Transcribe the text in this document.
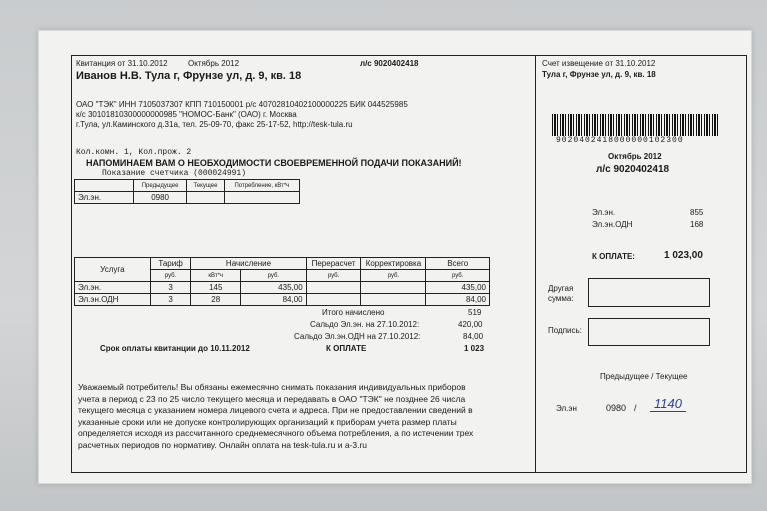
Квитанция от 31.10.2012	Октябрь 2012	л/с 9020402418
Иванов Н.В. Тула г, Фрунзе ул, д. 9, кв. 18
ОАО "ТЭК" ИНН 7105037307 КПП 710150001 р/с 40702810402100000225 БИК 044525985
к/с 30101810300000000985 "НОМОС-Банк" (ОАО) г. Москва
г.Тула, ул.Каминского д.31а, тел. 25-09-70, факс 25-17-52, http://tesk-tula.ru
Кол.комн. 1, Кол.прож. 2
НАПОМИНАЕМ ВАМ О НЕОБХОДИМОСТИ СВОЕВРЕМЕННОЙ ПОДАЧИ ПОКАЗАНИЙ!
Показание счетчика (000024991)
	Предыдущее	Текущее	Потребление, кВт*ч
Эл.эн.	0980		
Услуга	Тариф	Начисление		Перерасчет	Корректировка	Всего
	руб.	кВт*ч	руб.	руб.	руб.	руб.
Эл.эн.	3	145	435,00			435,00
Эл.эн.ОДН	3	28	84,00			84,00
Итого начислено	519
Сальдо Эл.эн. на 27.10.2012:	420,00
Сальдо Эл.эн.ОДН на 27.10.2012:	84,00
Срок оплаты квитанции до 10.11.2012	К ОПЛАТЕ	1 023
Уважаемый потребитель! Вы обязаны ежемесячно снимать показания индивидуальных приборов учета в период с 23 по 25 число текущего месяца и передавать в ОАО "ТЭК" не позднее 26 числа текущего месяца с указанием номера лицевого счета и адреса. При не предоставлении сведений в указанные сроки или не допуске контролирующих организаций к приборам учета размер платы определяется исходя из рассчитанного среднемесячного объема потребления, а по истечении трех расчетных периодов по нормативу. Онлайн оплата на tesk-tula.ru и a-3.ru
Счет извещение от 31.10.2012
Тула г, Фрунзе ул, д. 9, кв. 18
9020402418000000102300
Октябрь 2012
л/с 9020402418
Эл.эн.	855
Эл.эн.ОДН	168
К ОПЛАТЕ:	1 023,00
Другая
сумма:
Подпись:
Предыдущее / Текущее
Эл.эн	0980 /	1140
